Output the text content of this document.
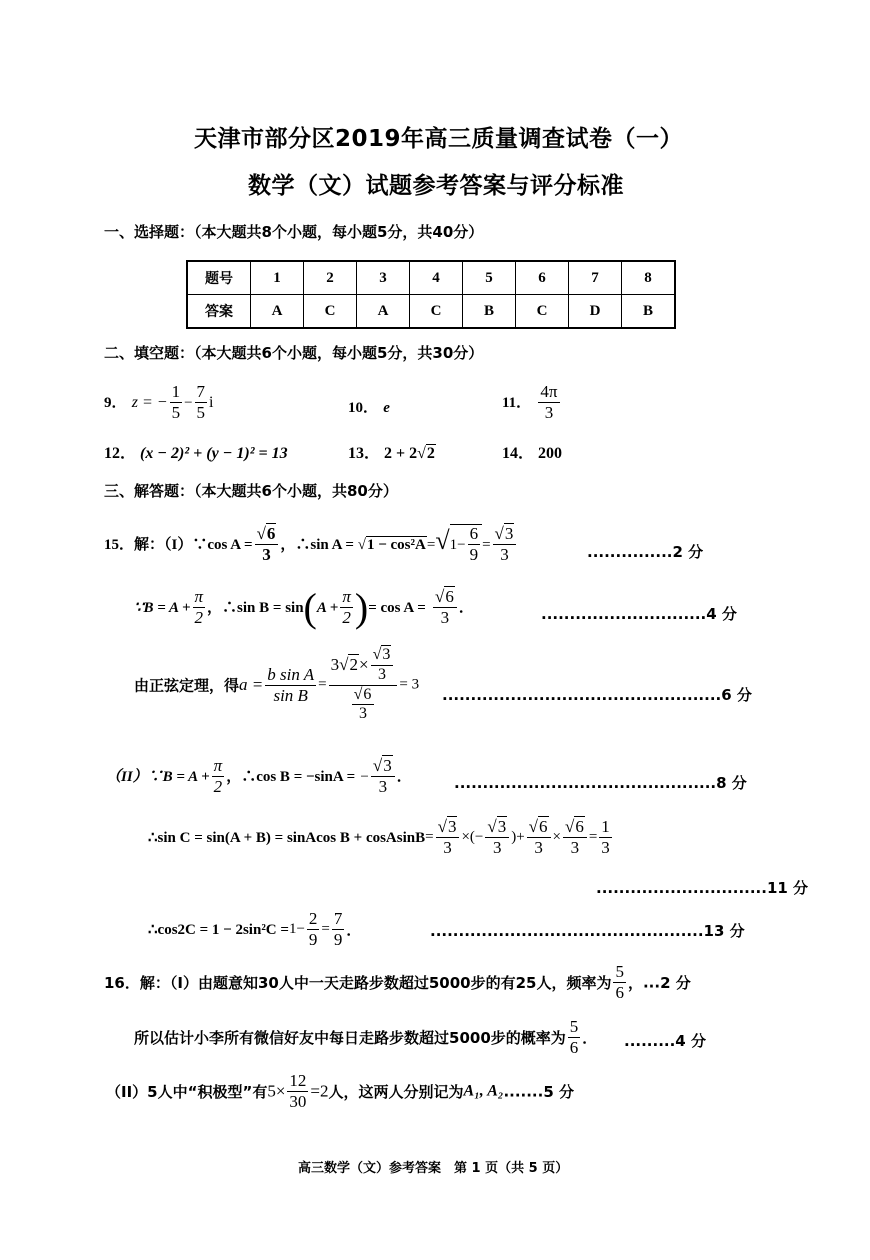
天津市部分区2019年高三质量调查试卷（一）
数学（文）试题参考答案与评分标准
一、选择题：（本大题共8个小题，每小题5分，共40分）
题号	1	2	3	4	5	6	7	8
答案	A	C	A	C	B	C	D	B
二、填空题：（本大题共6个小题，每小题5分，共30分）
9． z = − $\frac{1}{5} - \frac{7}{5}$ i	10． e	11． $\frac{4\pi}{3}$
12． (x − 2)² + (y − 1)² = 13	13． 2 + 2√2	14． 200
三、解答题：（本大题共6个小题，共80分）
15．解：（I）∵cos $A = \frac{√6}{3}$ ，∴sin $A = √1 - \cos^2A=√1- \frac{6}{9} = \frac{√3}{3}$	...............2 分
∵B = $A + \frac{\pi}{2}$ ，∴sin $B = \sin(A + \frac{\pi}{2}$ )= $\cos A = \frac{√6}{3}$ ．	.............................4 分
由正弦定理，得$a = \frac{\text{b sin A}}{\text{sin B}} = \frac{3 √ 2 \times \frac{√3}{3}}{\frac{√6}{3}} = 3$
.................................................6 分
（II）∵B = $A + \frac{\pi}{2}$ ，∴cos B = −sinA = − $\frac{√3}{3}$ ．	..............................................8 分
∴sin C = sin(A + B) = sinAcos B + cosAsinB= $\frac{√3}{3}$ ×(− $\frac{√3}{3}$ )+ $\frac{√6}{3} \times \frac{√6}{3} = \frac{1}{3}$
..............................11 分
∴cos2C = $1 - 2\sin^2C =1- \frac{2}{9} = \frac{7}{9}$ ．	................................................13 分
16．解：（I）由题意知30人中一天走路步数超过5000步的有25人，频率为 $\frac{5}{6}$ ，...2 分
所以估计小李所有微信好友中每日走路步数超过5000步的概率为 $\frac{5}{6}$ ． .........4 分
（II）5人中“积极型”有$5\times \frac{12}{30} =2$人，这两人分别记为A₁, A₂.......5 分
高三数学（文）参考答案　第 1 页（共 5 页）
